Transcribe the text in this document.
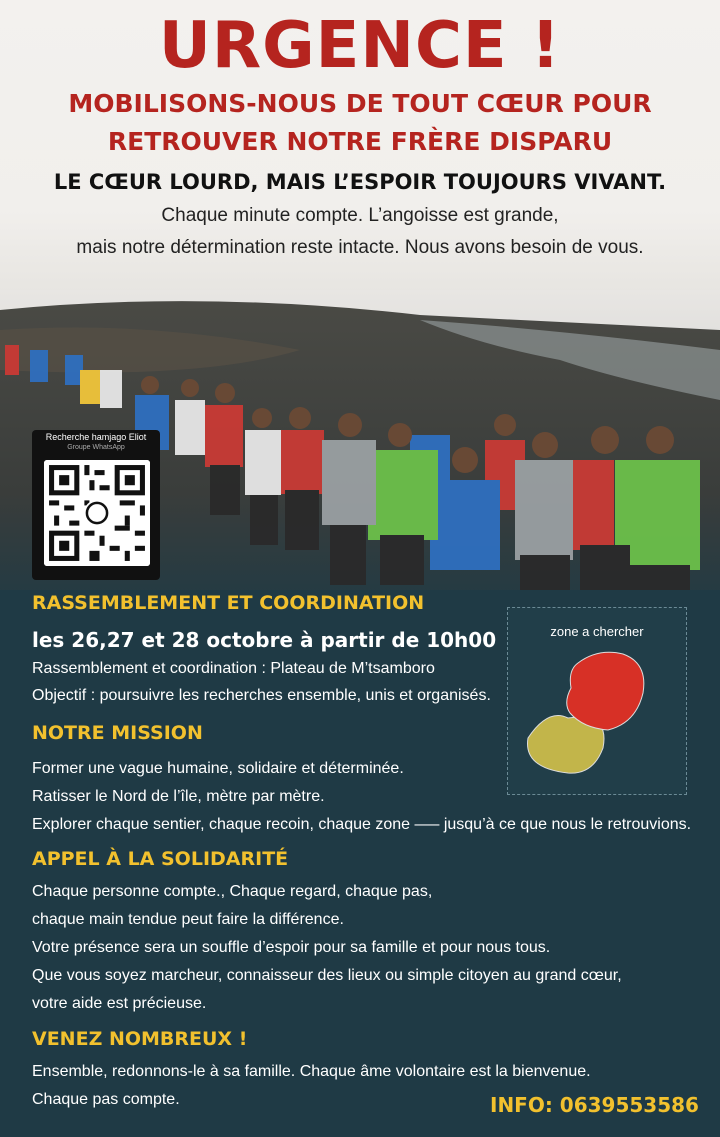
URGENCE !
MOBILISONS-NOUS DE TOUT CŒUR POUR
RETROUVER NOTRE FRÈRE DISPARU
LE CŒUR LOURD, MAIS L’ESPOIR TOUJOURS VIVANT.
Chaque minute compte. L’angoisse est grande,
mais notre détermination reste intacte. Nous avons besoin de vous.
Recherche hamjago Eliot
Groupe WhatsApp
RASSEMBLEMENT ET COORDINATION
les 26,27 et 28 octobre à partir de 10h00
Rassemblement et coordination : Plateau de M’tsamboro
Objectif : poursuivre les recherches ensemble, unis et organisés.
zone a chercher
NOTRE MISSION
Former une vague humaine, solidaire et déterminée.
Ratisser le Nord de l’île, mètre par mètre.
Explorer chaque sentier, chaque recoin, chaque zone —– jusqu’à ce que nous le retrouvions.
APPEL À LA SOLIDARITÉ
Chaque personne compte., Chaque regard, chaque pas,
chaque main tendue peut faire la différence.
Votre présence sera un souffle d’espoir pour sa famille et pour nous tous.
Que vous soyez marcheur, connaisseur des lieux ou simple citoyen au grand cœur,
votre aide est précieuse.
VENEZ NOMBREUX !
Ensemble, redonnons-le à sa famille. Chaque âme volontaire est la bienvenue.
Chaque pas compte.	INFO: 0639553586
